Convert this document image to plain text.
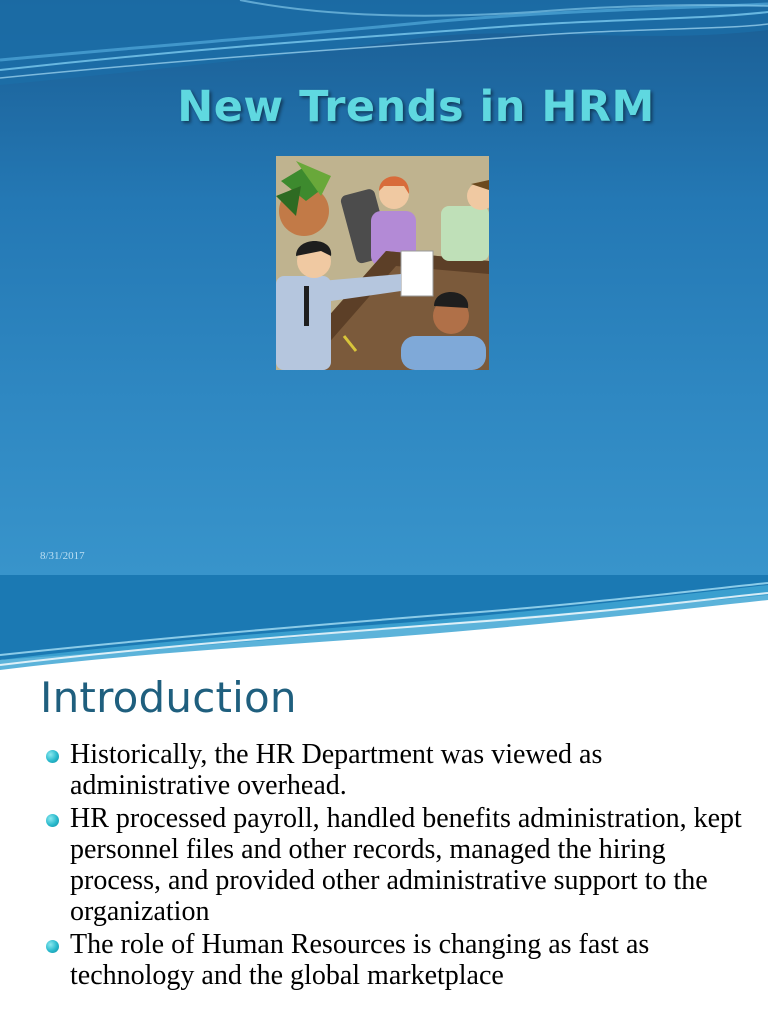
New Trends in HRM
8/31/2017
Introduction
Historically, the HR Department was viewed as administrative overhead.
HR processed payroll, handled benefits administration, kept personnel files and other records, managed the hiring process, and provided other administrative support to the organization
The role of Human Resources is changing as fast as technology and the global marketplace
